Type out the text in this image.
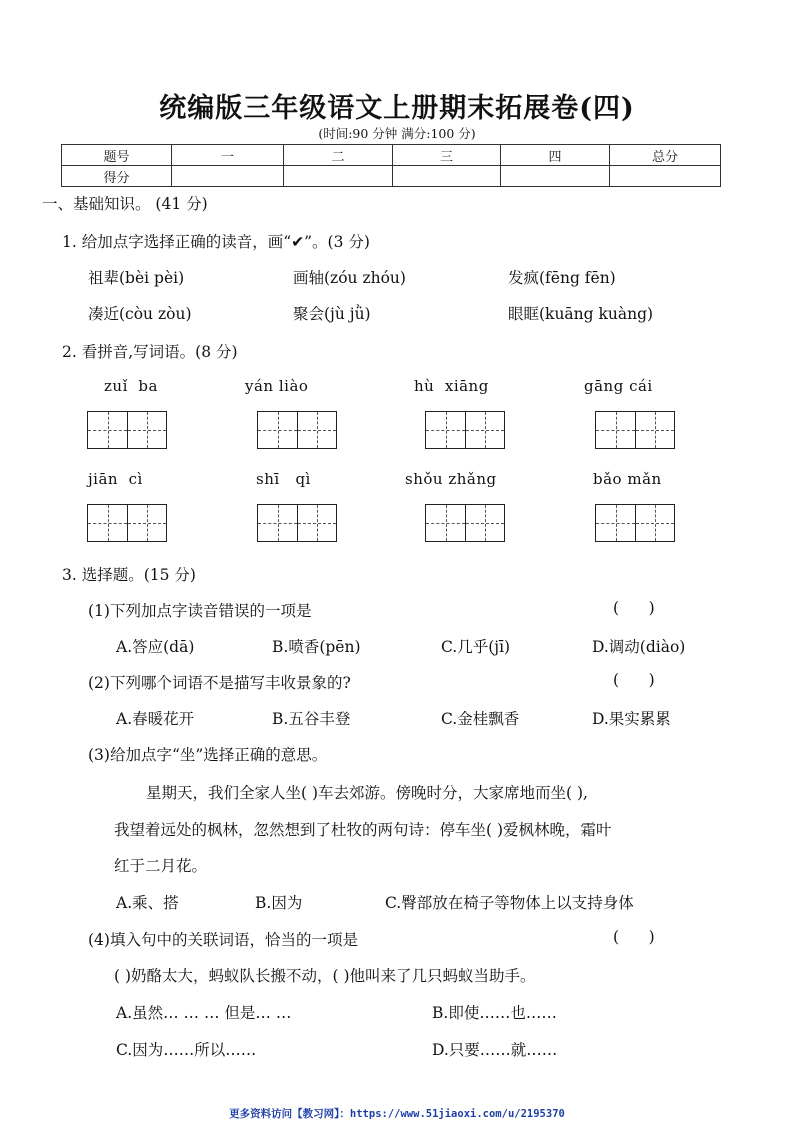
统编版三年级语文上册期末拓展卷(四)
(时间:90 分钟 满分:100 分)
题号	一	二	三	四	总分
得分					
一、基础知识。 (41 分)
1. 给加点字选择正确的读音，画“✔”。(3 分)
祖辈(bèi pèi)	画轴(zóu zhóu)	发疯(fēng fēn)
凑近(còu zòu)	聚会(jù jǜ)	眼眶(kuāng kuàng)
2. 看拼音,写词语。(8 分)
zuǐ  ba	yán liào	hù  xiāng	gāng cái
jiān  cì	shī   qì	shǒu zhǎng	bǎo mǎn
3. 选择题。(15 分)
(1)下列加点字读音错误的一项是	(      )
A.答应(dā)	B.喷香(pēn)	C.几乎(jī)	D.调动(diào)
(2)下列哪个词语不是描写丰收景象的?	(      )
A.春暖花开	B.五谷丰登	C.金桂飘香	D.果实累累
(3)给加点字“坐”选择正确的意思。
星期天，我们全家人坐( )车去郊游。傍晚时分，大家席地而坐( ),
我望着远处的枫林，忽然想到了杜牧的两句诗：停车坐( )爱枫林晚，霜叶
红于二月花。
A.乘、搭	B.因为	C.臀部放在椅子等物体上以支持身体
(4)填入句中的关联词语，恰当的一项是	(      )
( )奶酪太大，蚂蚁队长搬不动，( )他叫来了几只蚂蚁当助手。
A.虽然… … … 但是… …	B.即使……也……
C.因为……所以……	D.只要……就……
更多资料访问【教习网】：https://www.51jiaoxi.com/u/2195370
